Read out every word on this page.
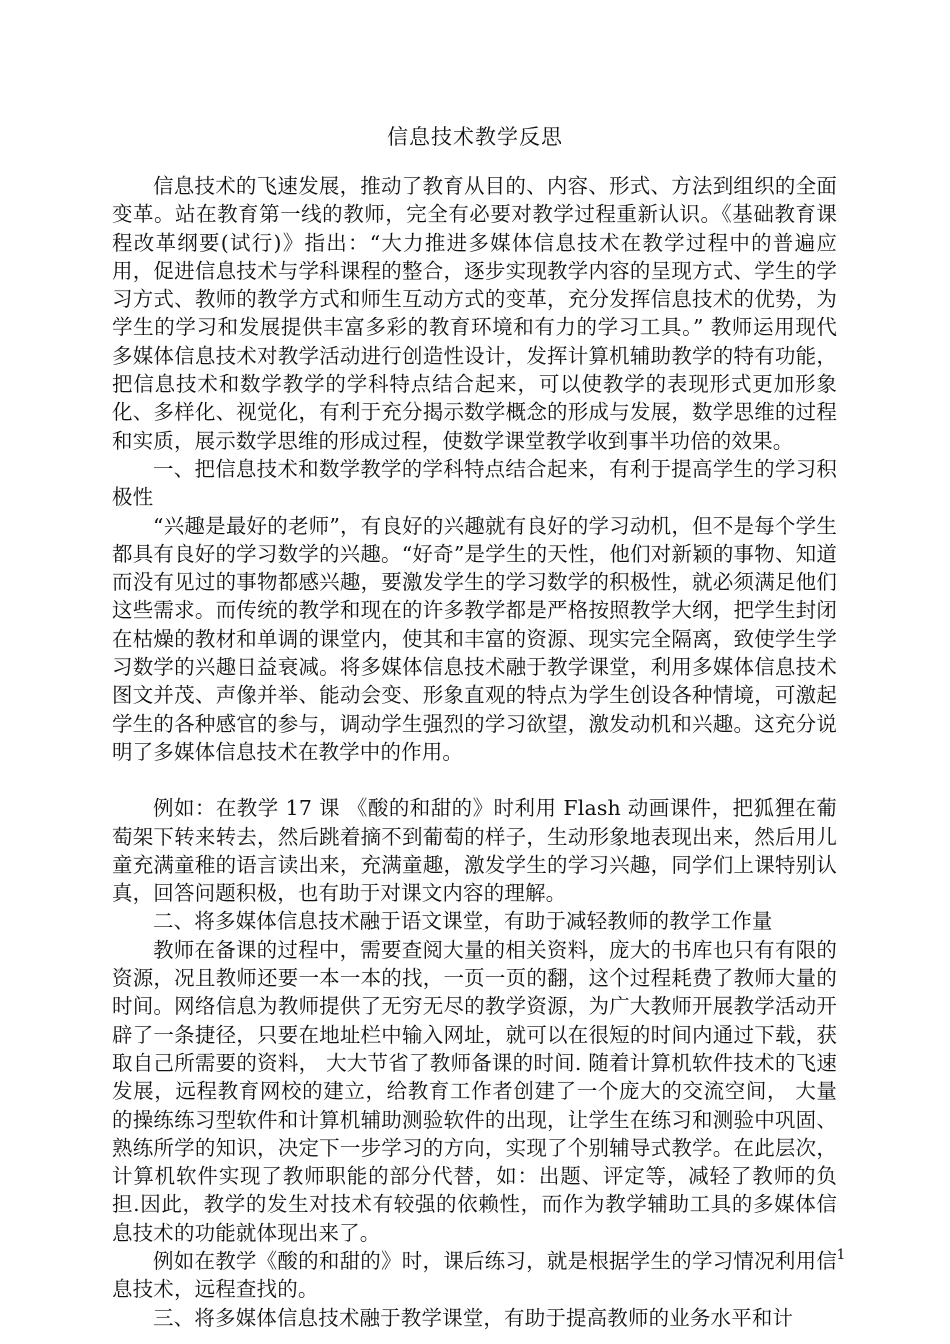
信息技术教学反思

信息技术的飞速发展，推动了教育从目的、内容、形式、方法到组织的全面变革。站在教育第一线的教师，完全有必要对教学过程重新认识。《基础教育课程改革纲要(试行)》指出：“大力推进多媒体信息技术在教学过程中的普遍应用，促进信息技术与学科课程的整合，逐步实现教学内容的呈现方式、学生的学习方式、教师的教学方式和师生互动方式的变革，充分发挥信息技术的优势，为学生的学习和发展提供丰富多彩的教育环境和有力的学习工具。” 教师运用现代多媒体信息技术对教学活动进行创造性设计，发挥计算机辅助教学的特有功能，把信息技术和数学教学的学科特点结合起来，可以使教学的表现形式更加形象化、多样化、视觉化，有利于充分揭示数学概念的形成与发展，数学思维的过程和实质，展示数学思维的形成过程，使数学课堂教学收到事半功倍的效果。

一、把信息技术和数学教学的学科特点结合起来，有利于提高学生的学习积极性

“兴趣是最好的老师”，有良好的兴趣就有良好的学习动机，但不是每个学生都具有良好的学习数学的兴趣。“好奇”是学生的天性，他们对新颖的事物、知道而没有见过的事物都感兴趣，要激发学生的学习数学的积极性，就必须满足他们这些需求。而传统的教学和现在的许多教学都是严格按照教学大纲，把学生封闭在枯燥的教材和单调的课堂内，使其和丰富的资源、现实完全隔离，致使学生学习数学的兴趣日益衰减。将多媒体信息技术融于教学课堂，利用多媒体信息技术图文并茂、声像并举、能动会变、形象直观的特点为学生创设各种情境，可激起学生的各种感官的参与，调动学生强烈的学习欲望，激发动机和兴趣。这充分说明了多媒体信息技术在教学中的作用。

例如：在教学 17 课 《酸的和甜的》时利用 Flash 动画课件，把狐狸在葡萄架下转来转去，然后跳着摘不到葡萄的样子，生动形象地表现出来，然后用儿童充满童稚的语言读出来，充满童趣，激发学生的学习兴趣，同学们上课特别认真，回答问题积极，也有助于对课文内容的理解。

二、将多媒体信息技术融于语文课堂，有助于减轻教师的教学工作量

教师在备课的过程中，需要查阅大量的相关资料，庞大的书库也只有有限的资源，况且教师还要一本一本的找，一页一页的翻，这个过程耗费了教师大量的时间。网络信息为教师提供了无穷无尽的教学资源，为广大教师开展教学活动开辟了一条捷径，只要在地址栏中输入网址，就可以在很短的时间内通过下载，获取自己所需要的资料， 大大节省了教师备课的时间. 随着计算机软件技术的飞速发展，远程教育网校的建立，给教育工作者创建了一个庞大的交流空间， 大量的操练练习型软件和计算机辅助测验软件的出现，让学生在练习和测验中巩固、熟练所学的知识，决定下一步学习的方向，实现了个别辅导式教学。在此层次，计算机软件实现了教师职能的部分代替，如：出题、评定等，减轻了教师的负担.因此，教学的发生对技术有较强的依赖性，而作为教学辅助工具的多媒体信息技术的功能就体现出来了。

例如在教学《酸的和甜的》时，课后练习，就是根据学生的学习情况利用信息技术，远程查找的。

三、将多媒体信息技术融于教学课堂，有助于提高教师的业务水平和计

1
